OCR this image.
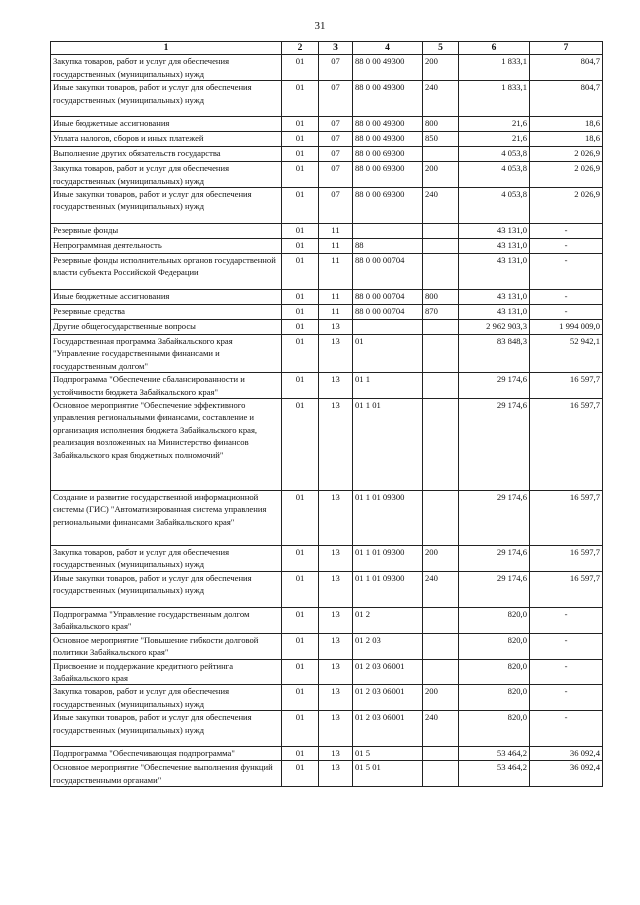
31
1	2	3	4	5	6	7
Закупка товаров, работ и услуг для обеспечения государственных (муниципальных) нужд	01	07	88 0 00 49300	200	1 833,1	804,7
Иные закупки товаров, работ и услуг для обеспечения государственных (муниципальных) нужд	01	07	88 0 00 49300	240	1 833,1	804,7
Иные бюджетные ассигнования	01	07	88 0 00 49300	800	21,6	18,6
Уплата налогов, сборов и иных платежей	01	07	88 0 00 49300	850	21,6	18,6
Выполнение других обязательств государства	01	07	88 0 00 69300		4 053,8	2 026,9
Закупка товаров, работ и услуг для обеспечения государственных (муниципальных) нужд	01	07	88 0 00 69300	200	4 053,8	2 026,9
Иные закупки товаров, работ и услуг для обеспечения государственных (муниципальных) нужд	01	07	88 0 00 69300	240	4 053,8	2 026,9
Резервные фонды	01	11			43 131,0	-
Непрограммная деятельность	01	11	88		43 131,0	-
Резервные фонды исполнительных органов государственной власти субъекта Российской Федерации	01	11	88 0 00 00704		43 131,0	-
Иные бюджетные ассигнования	01	11	88 0 00 00704	800	43 131,0	-
Резервные средства	01	11	88 0 00 00704	870	43 131,0	-
Другие общегосударственные вопросы	01	13			2 962 903,3	1 994 009,0
Государственная программа Забайкальского края "Управление государственными финансами и государственным долгом"	01	13	01		83 848,3	52 942,1
Подпрограмма "Обеспечение сбалансированности и устойчивости бюджета Забайкальского края"	01	13	01 1		29 174,6	16 597,7
Основное мероприятие "Обеспечение эффективного управления региональными финансами, составление и организация исполнения бюджета Забайкальского края, реализация возложенных на Министерство финансов Забайкальского края бюджетных полномочий"	01	13	01 1 01		29 174,6	16 597,7
Создание и развитие государственной информационной системы (ГИС) "Автоматизированная система управления региональными финансами Забайкальского края"	01	13	01 1 01 09300		29 174,6	16 597,7
Закупка товаров, работ и услуг для обеспечения государственных (муниципальных) нужд	01	13	01 1 01 09300	200	29 174,6	16 597,7
Иные закупки товаров, работ и услуг для обеспечения государственных (муниципальных) нужд	01	13	01 1 01 09300	240	29 174,6	16 597,7
Подпрограмма "Управление государственным долгом Забайкальского края"	01	13	01 2		820,0	-
Основное мероприятие "Повышение гибкости долговой политики Забайкальского края"	01	13	01 2 03		820,0	-
Присвоение и поддержание кредитного рейтинга Забайкальского края	01	13	01 2 03 06001		820,0	-
Закупка товаров, работ и услуг для обеспечения государственных (муниципальных) нужд	01	13	01 2 03 06001	200	820,0	-
Иные закупки товаров, работ и услуг для обеспечения государственных (муниципальных) нужд	01	13	01 2 03 06001	240	820,0	-
Подпрограмма "Обеспечивающая подпрограмма"	01	13	01 5		53 464,2	36 092,4
Основное мероприятие "Обеспечение выполнения функций государственными органами"	01	13	01 5 01		53 464,2	36 092,4
